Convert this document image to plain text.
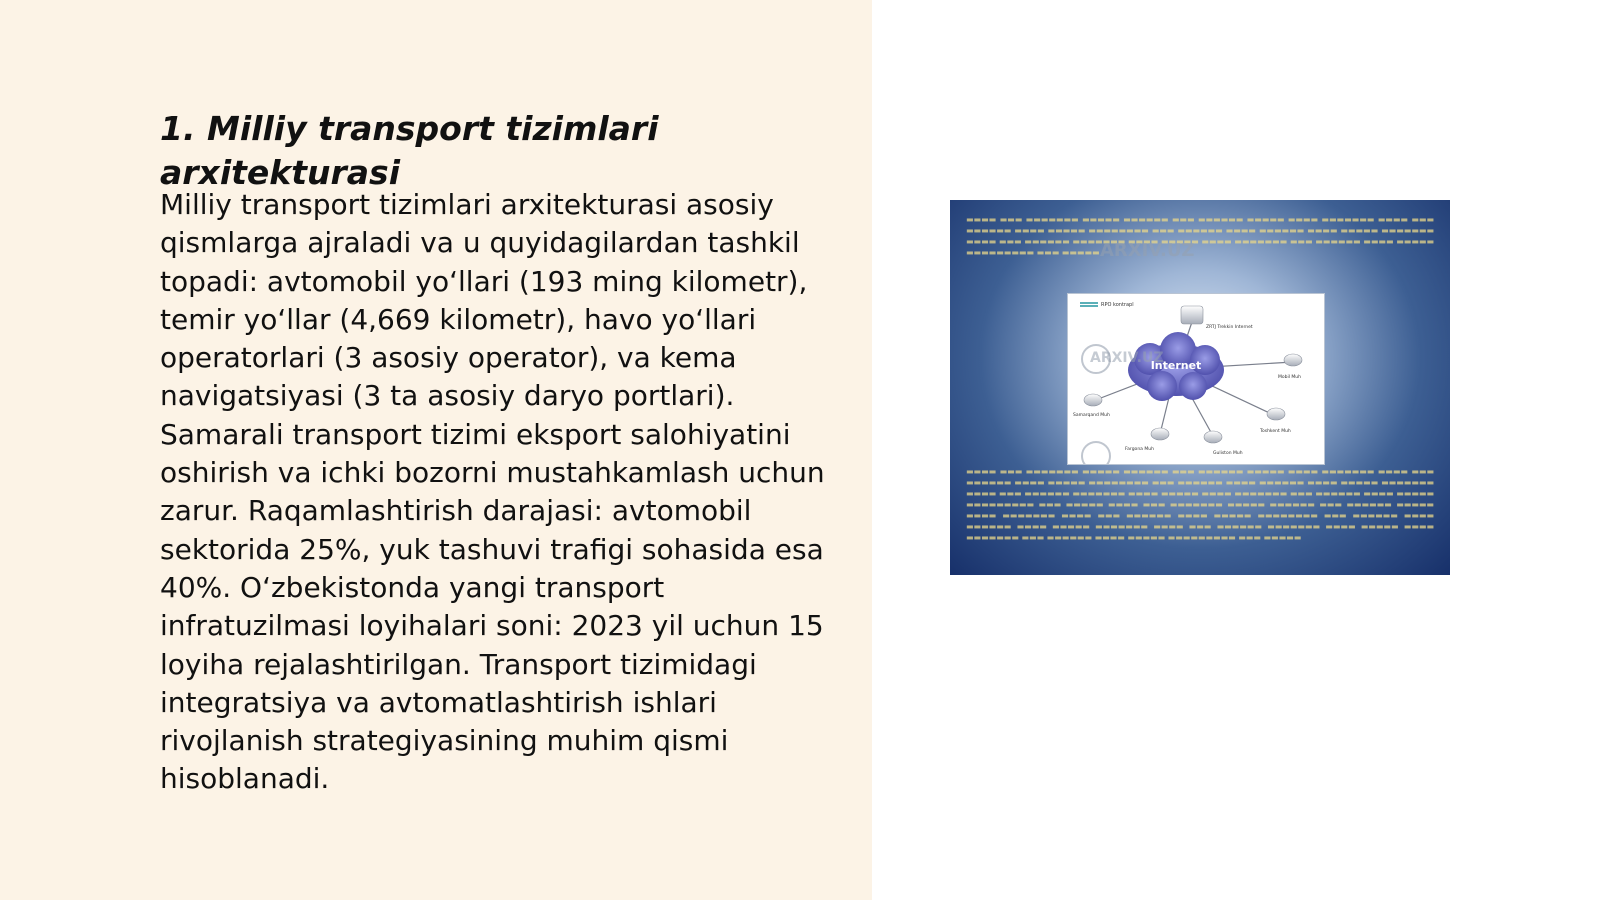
1. Milliy transport tizimlari arxitekturasi

Milliy transport tizimlari arxitekturasi asosiy qismlarga ajraladi va u quyidagilardan tashkil topadi: avtomobil yo‘llari (193 ming kilometr), temir yo‘llar (4,669 kilometr), havo yo‘llari operatorlari (3 asosiy operator), va kema navigatsiyasi (3 ta asosiy daryo portlari). Samarali transport tizimi eksport salohiyatini oshirish va ichki bozorni mustahkamlash uchun zarur. Raqamlashtirish darajasi: avtomobil sektorida 25%, yuk tashuvi trafigi sohasida esa 40%. O‘zbekistonda yangi transport infratuzilmasi loyihalari soni: 2023 yil uchun 15 loyiha rejalashtirilgan. Transport tizimidagi integratsiya va avtomatlashtirish ishlari rivojlanish strategiyasining muhim qismi hisoblanadi.

▬▬▬▬ ▬▬▬ ▬▬▬▬▬▬▬ ▬▬▬▬▬ ▬▬▬▬▬▬ ▬▬▬ ▬▬▬▬▬▬ ▬▬▬▬▬ ▬▬▬▬ ▬▬▬▬▬▬▬ ▬▬▬▬ ▬▬▬ ▬▬▬▬▬▬ ▬▬▬▬ ▬▬▬▬▬ ▬▬▬▬▬▬▬▬ ▬▬▬ ▬▬▬▬▬▬ ▬▬▬▬ ▬▬▬▬▬▬ ▬▬▬▬ ▬▬▬▬▬ ▬▬▬▬▬▬▬ ▬▬▬▬ ▬▬▬ ▬▬▬▬▬▬ ▬▬▬▬▬▬▬ ▬▬▬▬ ▬▬▬▬▬ ▬▬▬▬ ▬▬▬▬▬▬▬ ▬▬▬ ▬▬▬▬▬▬ ▬▬▬▬ ▬▬▬▬▬ ▬▬▬▬▬▬▬▬▬ ▬▬▬ ▬▬▬▬▬
▬▬▬▬ ▬▬▬ ▬▬▬▬▬▬▬ ▬▬▬▬▬ ▬▬▬▬▬▬ ▬▬▬ ▬▬▬▬▬▬ ▬▬▬▬▬ ▬▬▬▬ ▬▬▬▬▬▬▬ ▬▬▬▬ ▬▬▬ ▬▬▬▬▬▬ ▬▬▬▬ ▬▬▬▬▬ ▬▬▬▬▬▬▬▬ ▬▬▬ ▬▬▬▬▬▬ ▬▬▬▬ ▬▬▬▬▬▬ ▬▬▬▬ ▬▬▬▬▬ ▬▬▬▬▬▬▬ ▬▬▬▬ ▬▬▬ ▬▬▬▬▬▬ ▬▬▬▬▬▬▬ ▬▬▬▬ ▬▬▬▬▬ ▬▬▬▬ ▬▬▬▬▬▬▬ ▬▬▬ ▬▬▬▬▬▬ ▬▬▬▬ ▬▬▬▬▬ ▬▬▬▬▬▬▬▬▬ ▬▬▬ ▬▬▬▬▬ ▬▬▬▬ ▬▬▬ ▬▬▬▬▬▬▬ ▬▬▬▬▬ ▬▬▬▬▬▬ ▬▬▬ ▬▬▬▬▬▬ ▬▬▬▬▬ ▬▬▬▬ ▬▬▬▬▬▬▬ ▬▬▬▬ ▬▬▬ ▬▬▬▬▬▬ ▬▬▬▬ ▬▬▬▬▬ ▬▬▬▬▬▬▬▬ ▬▬▬ ▬▬▬▬▬▬ ▬▬▬▬ ▬▬▬▬▬▬ ▬▬▬▬ ▬▬▬▬▬ ▬▬▬▬▬▬▬ ▬▬▬▬ ▬▬▬ ▬▬▬▬▬▬ ▬▬▬▬▬▬▬ ▬▬▬▬ ▬▬▬▬▬ ▬▬▬▬ ▬▬▬▬▬▬▬ ▬▬▬ ▬▬▬▬▬▬ ▬▬▬▬ ▬▬▬▬▬ ▬▬▬▬▬▬▬▬▬ ▬▬▬ ▬▬▬▬▬
ARXIV.UZ
RPO kontrapl
Internet
ZRTJ Trekkin Internet
Mobil Muh
Toshkent Muh
Samarqand Muh
Fargona Muh
Guliston Muh
ARXIV.UZ
